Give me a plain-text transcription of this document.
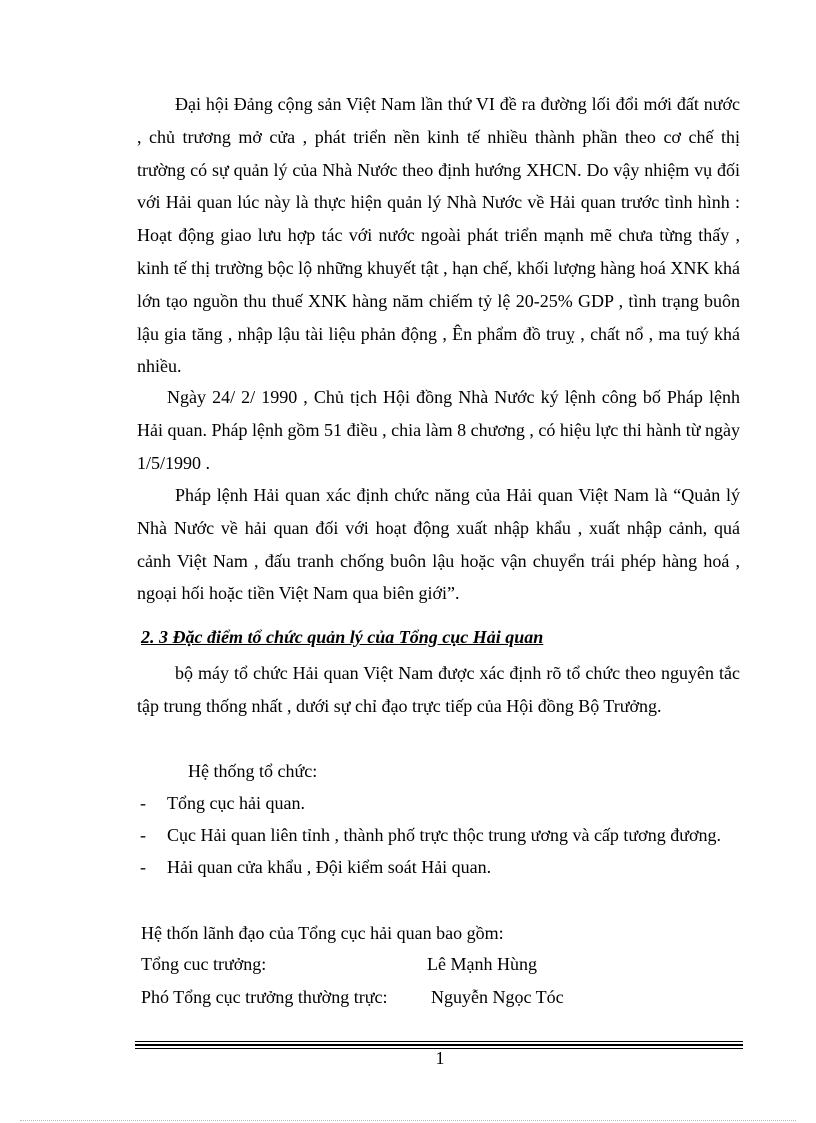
Đại hội Đảng cộng sản Việt Nam lần thứ VI đề ra đường lối đổi mới đất nước , chủ trương mở cửa , phát triển nền kinh tế nhiều thành phần theo cơ chế thị trường có sự quản lý của Nhà Nước theo định hướng XHCN. Do vậy nhiệm vụ đối với Hải quan lúc này là thực hiện quản lý Nhà Nước về Hải quan trước tình hình : Hoạt động giao lưu hợp tác với nước ngoài phát triển mạnh mẽ chưa từng thấy , kinh tế thị trường bộc lộ những khuyết tật , hạn chế, khối lượng hàng hoá XNK khá lớn tạo nguồn thu thuế XNK hàng năm chiếm tỷ lệ 20-25% GDP , tình trạng buôn lậu gia tăng , nhập lậu tài liệu phản động , Ên phẩm đồ truỵ , chất nổ , ma tuý khá nhiều.

Ngày 24/ 2/ 1990 , Chủ tịch Hội đồng Nhà Nước ký lệnh công bố Pháp lệnh Hải quan. Pháp lệnh gồm 51 điều , chia làm 8 chương , có hiệu lực thi hành từ ngày 1/5/1990 .

Pháp lệnh Hải quan xác định chức năng của Hải quan Việt Nam là “Quản lý Nhà Nước về hải quan đối với hoạt động xuất nhập khẩu , xuất nhập cảnh, quá cảnh Việt Nam , đấu tranh chống buôn lậu hoặc vận chuyển trái phép hàng hoá , ngoại hối hoặc tiền Việt Nam qua biên giới”.

2. 3 Đặc điểm tổ chức quản lý của Tổng cục Hải quan

bộ máy tổ chức Hải quan Việt Nam được xác định rõ tổ chức theo nguyên tắc tập trung thống nhất , dưới sự chỉ đạo trực tiếp của Hội đồng Bộ Trưởng.

Hệ thống tổ chức:

- Tổng cục hải quan.
- Cục Hải quan liên tỉnh , thành phố trực thộc trung ương và cấp tương đương.
- Hải quan cửa khẩu , Đội kiểm soát Hải quan.

Hệ thốn lãnh đạo của Tổng cục hải quan bao gồm:

Tổng cuc trưởng:	Lê Mạnh Hùng
Phó Tổng cục trưởng thường trực: Nguyễn Ngọc Tóc
1
